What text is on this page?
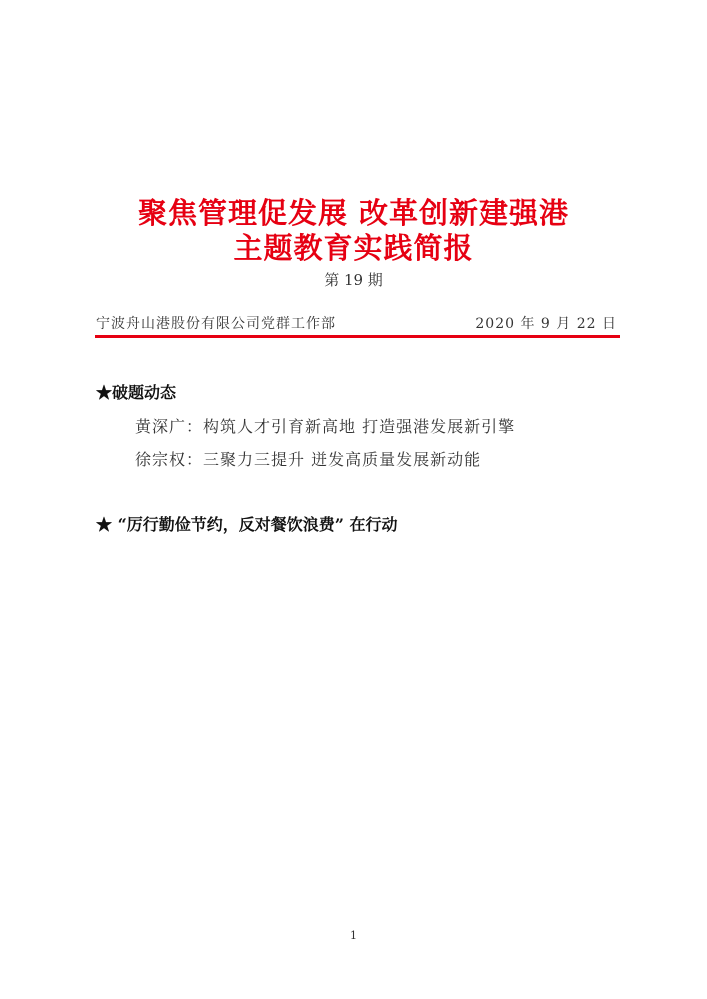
聚焦管理促发展 改革创新建强港
主题教育实践简报
第 19 期
宁波舟山港股份有限公司党群工作部	2020 年 9 月 22 日
★破题动态
黄深广：构筑人才引育新高地 打造强港发展新引擎
徐宗权：三聚力三提升 迸发高质量发展新动能
★ “厉行勤俭节约，反对餐饮浪费” 在行动
1
